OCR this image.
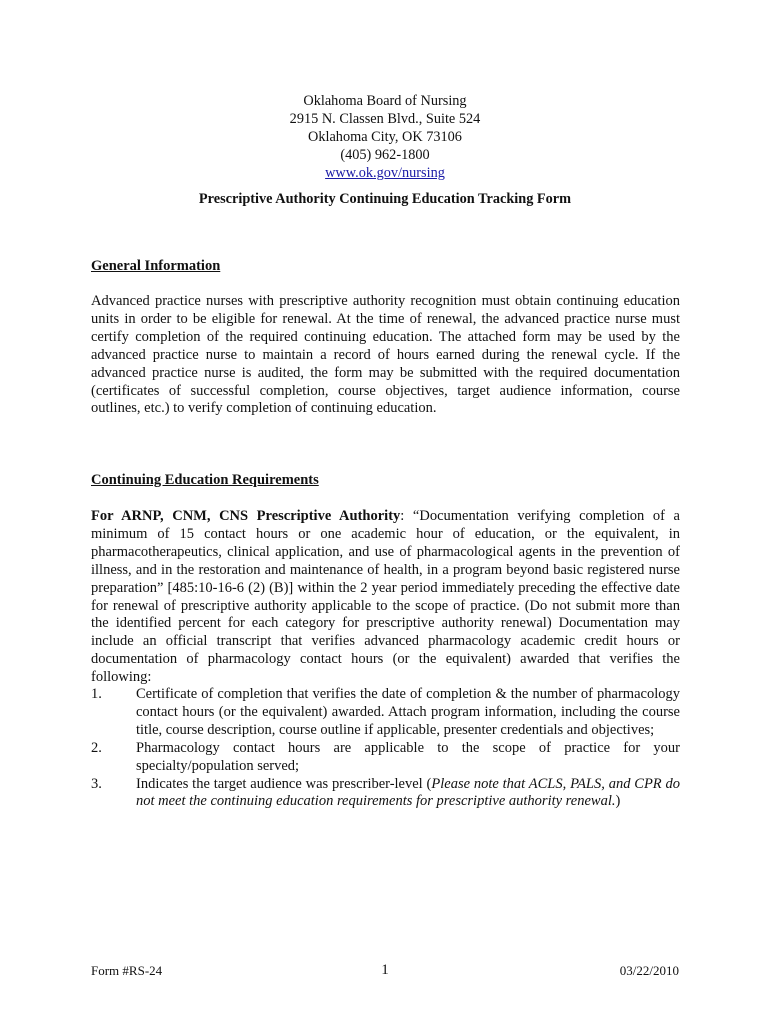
Oklahoma Board of Nursing
2915 N. Classen Blvd., Suite 524
Oklahoma City, OK 73106
(405) 962-1800
www.ok.gov/nursing
Prescriptive Authority Continuing Education Tracking Form
General Information

Advanced practice nurses with prescriptive authority recognition must obtain continuing education units in order to be eligible for renewal. At the time of renewal, the advanced practice nurse must certify completion of the required continuing education. The attached form may be used by the advanced practice nurse to maintain a record of hours earned during the renewal cycle. If the advanced practice nurse is audited, the form may be submitted with the required documentation (certificates of successful completion, course objectives, target audience information, course outlines, etc.) to verify completion of continuing education.

Continuing Education Requirements

For ARNP, CNM, CNS Prescriptive Authority: “Documentation verifying completion of a minimum of 15 contact hours or one academic hour of education, or the equivalent, in pharmacotherapeutics, clinical application, and use of pharmacological agents in the prevention of illness, and in the restoration and maintenance of health, in a program beyond basic registered nurse preparation” [485:10-16-6 (2) (B)] within the 2 year period immediately preceding the effective date for renewal of prescriptive authority applicable to the scope of practice. (Do not submit more than the identified percent for each category for prescriptive authority renewal) Documentation may include an official transcript that verifies advanced pharmacology academic credit hours or documentation of pharmacology contact hours (or the equivalent) awarded that verifies the following:

1.	Certificate of completion that verifies the date of completion & the number of pharmacology contact hours (or the equivalent) awarded. Attach program information, including the course title, course description, course outline if applicable, presenter credentials and objectives;
2.	Pharmacology contact hours are applicable to the scope of practice for your specialty/population served;
3.	Indicates the target audience was prescriber-level (Please note that ACLS, PALS, and CPR do not meet the continuing education requirements for prescriptive authority renewal.)
Form #RS-24	1	03/22/2010
